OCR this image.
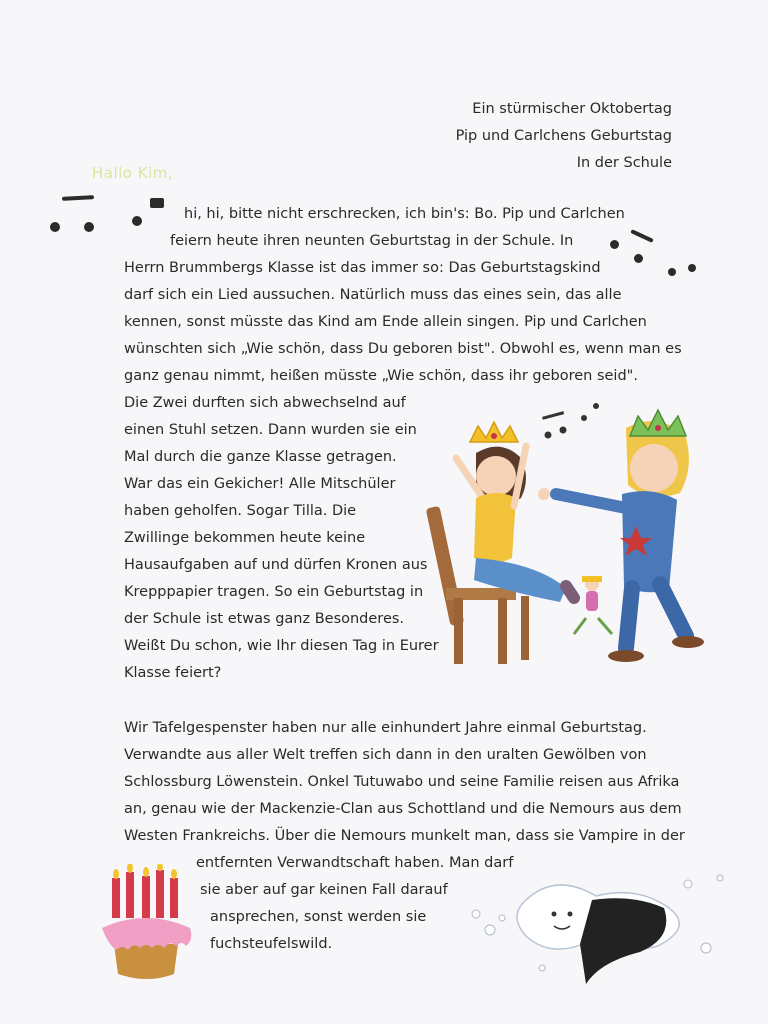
Ein stürmischer Oktobertag
Pip und Carlchens Geburtstag
In der Schule
Hallo Kim,
hi, hi, bitte nicht erschrecken, ich bin's: Bo. Pip und Carlchen
feiern heute ihren neunten Geburtstag in der Schule. In
Herrn Brummbergs Klasse ist das immer so: Das Geburtstagskind
darf sich ein Lied aussuchen. Natürlich muss das eines sein, das alle
kennen, sonst müsste das Kind am Ende allein singen. Pip und Carlchen
wünschten sich „Wie schön, dass Du geboren bist". Obwohl es, wenn man es
ganz genau nimmt, heißen müsste „Wie schön, dass ihr geboren seid".
Die Zwei durften sich abwechselnd auf
einen Stuhl setzen. Dann wurden sie ein
Mal durch die ganze Klasse getragen.
War das ein Gekicher! Alle Mitschüler
haben geholfen. Sogar Tilla. Die
Zwillinge bekommen heute keine
Hausaufgaben auf und dürfen Kronen aus
Krepppapier tragen. So ein Geburtstag in
der Schule ist etwas ganz Besonderes.
Weißt Du schon, wie Ihr diesen Tag in Eurer
Klasse feiert?
Wir Tafelgespenster haben nur alle einhundert Jahre einmal Geburtstag.
Verwandte aus aller Welt treffen sich dann in den uralten Gewölben von
Schlossburg Löwenstein. Onkel Tutuwabo und seine Familie reisen aus Afrika
an, genau wie der Mackenzie-Clan aus Schottland und die Nemours aus dem
Westen Frankreichs. Über die Nemours munkelt man, dass sie Vampire in der
entfernten Verwandtschaft haben. Man darf
sie aber auf gar keinen Fall darauf
ansprechen, sonst werden sie
fuchsteufelswild.
